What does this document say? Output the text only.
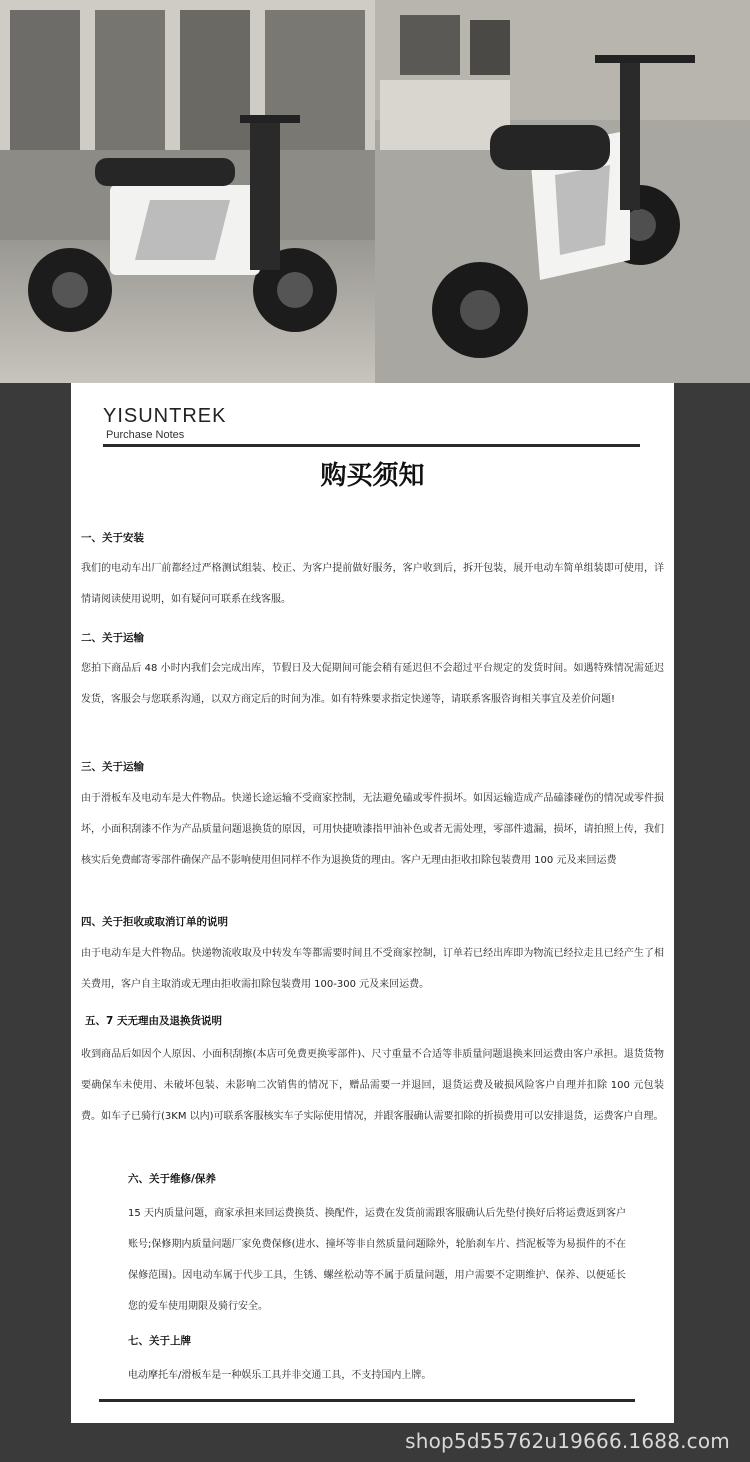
YISUNTREK
Purchase Notes
购买须知
一、关于安装
我们的电动车出厂前都经过严格测试组装、校正、为客户提前做好服务，客户收到后，拆开包装，展开电动车简单组装即可使用，详情请阅读使用说明，如有疑问可联系在线客服。
二、关于运输
您拍下商品后 48 小时内我们会完成出库，节假日及大促期间可能会稍有延迟但不会超过平台规定的发货时间。如遇特殊情况需延迟发货，客服会与您联系沟通，以双方商定后的时间为准。如有特殊要求指定快递等，请联系客服咨询相关事宜及差价问题!
三、关于运输
由于滑板车及电动车是大件物品。快递长途运输不受商家控制，无法避免磕或零件损坏。如因运输造成产品磕漆碰伤的情况或零件损坏，小面积刮漆不作为产品质量问题退换货的原因，可用快捷喷漆指甲油补色或者无需处理，零部件遗漏，损坏，请拍照上传，我们核实后免费邮寄零部件确保产品不影响使用但同样不作为退换货的理由。客户无理由拒收扣除包装费用 100 元及来回运费
四、关于拒收或取消订单的说明
由于电动车是大件物品。快递物流收取及中转发车等都需要时间且不受商家控制，订单若已经出库即为物流已经拉走且已经产生了相关费用，客户自主取消或无理由拒收需扣除包装费用 100-300 元及来回运费。
五、7 天无理由及退换货说明
收到商品后如因个人原因、小面积刮擦(本店可免费更换零部件)、尺寸重量不合适等非质量问题退换来回运费由客户承担。退货货物要确保车未使用、未破坏包装、未影响二次销售的情况下，赠品需要一并退回，退货运费及破损风险客户自理并扣除 100 元包装费。如车子已骑行(3KM 以内)可联系客服核实车子实际使用情况，并跟客服确认需要扣除的折损费用可以安排退货，运费客户自理。
六、关于维修/保养
15 天内质量问题，商家承担来回运费换货、换配件，运费在发货前需跟客服确认后先垫付换好后将运费返到客户账号;保修期内质量问题厂家免费保修(进水、撞坏等非自然质量问题除外，轮胎刹车片、挡泥板等为易损件的不在保修范围)。因电动车属于代步工具，生锈、螺丝松动等不属于质量问题，用户需要不定期维护、保养、以便延长您的爱车使用期限及骑行安全。
七、关于上牌
电动摩托车/滑板车是一种娱乐工具并非交通工具，不支持国内上牌。
shop5d55762u19666.1688.com
